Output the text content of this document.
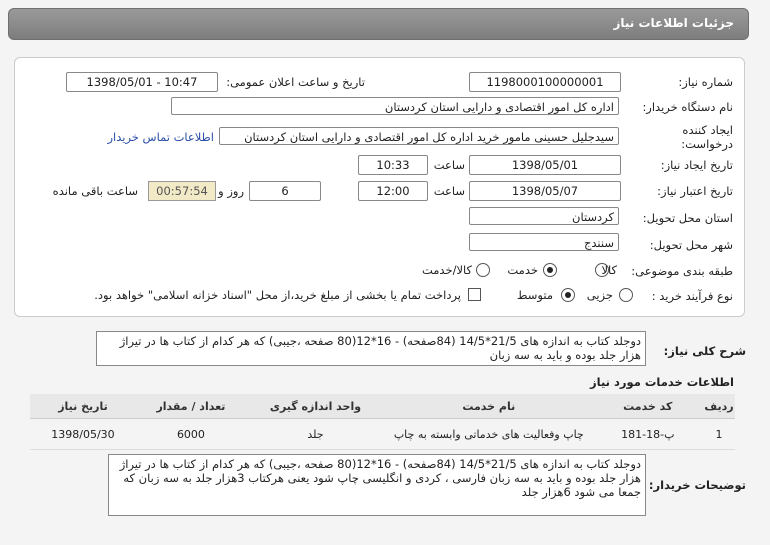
جزئیات اطلاعات نیاز
شماره نیاز:
1198000100000001
تاریخ و ساعت اعلان عمومی:
1398/05/01 - 10:47
نام دستگاه خریدار:
اداره کل امور اقتصادی و دارایی استان کردستان
ایجاد کننده
درخواست:
سیدجلیل حسینی مامور خرید اداره کل امور اقتصادی و دارایی استان کردستان
اطلاعات تماس خریدار
تاریخ ایجاد نیاز:
1398/05/01
ساعت
10:33
تاریخ اعتبار نیاز:
1398/05/07
ساعت
12:00
6
روز و
00:57:54
ساعت باقی مانده
استان محل تحویل:
کردستان
شهر محل تحویل:
سنندج
طبقه بندی موضوعی:
کالا
خدمت
کالا/خدمت
نوع فرآیند خرید :
جزیی
متوسط
پرداخت تمام یا بخشی از مبلغ خرید،از محل "اسناد خزانه اسلامی" خواهد بود.
شرح کلی نیاز:
دوجلد کتاب به اندازه های 21/5*14/5 (84صفحه) - 16*12(80 صفحه ،جیبی) که هر کدام از کتاب ها در تیراژ هزار جلد بوده و باید به سه زبان
اطلاعات خدمات مورد نیاز
ردیف	کد خدمت	نام خدمت	واحد اندازه گیری	تعداد / مقدار	تاریخ نیاز
1	پ-18-181	چاپ وفعالیت های خدماتی وابسته به چاپ	جلد	6000	1398/05/30
توضیحات خریدار:
دوجلد کتاب به اندازه های 21/5*14/5 (84صفحه) - 16*12(80 صفحه ،جیبی) که هر کدام از کتاب ها در تیراژ هزار جلد بوده و باید به سه زبان فارسی ، کردی و انگلیسی چاپ شود یعنی هرکتاب 3هزار جلد به سه زبان که جمعا می شود 6هزار جلد
